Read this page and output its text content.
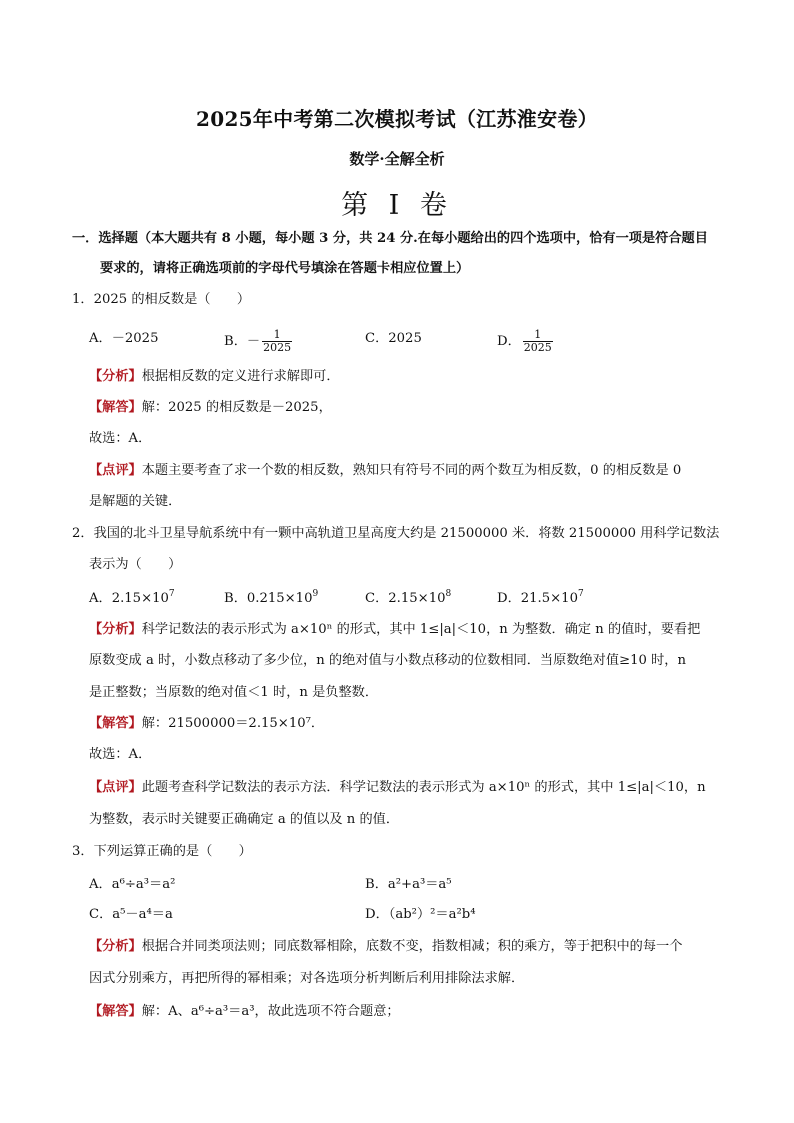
2025年中考第二次模拟考试（江苏淮安卷）
数学·全解全析
第 I 卷
一．选择题（本大题共有 8 小题，每小题 3 分，共 24 分.在每小题给出的四个选项中，恰有一项是符合题目
要求的，请将正确选项前的字母代号填涂在答题卡相应位置上）
1．2025 的相反数是（　　）
A．－2025	B．－ $\frac{1}{2025}$	C．2025	D． $\frac{1}{2025}$
【分析】根据相反数的定义进行求解即可．
【解答】解：2025 的相反数是－2025，
故选：A．
【点评】本题主要考查了求一个数的相反数，熟知只有符号不同的两个数互为相反数，0 的相反数是 0
是解题的关键．
2．我国的北斗卫星导航系统中有一颗中高轨道卫星高度大约是 21500000 米．将数 21500000 用科学记数法
表示为（　　）
A．$2.15\times 10^7$	B．$0.215\times 10^9$	C．$2.15\times 10^8$	D．$21.5\times 10^7$
【分析】科学记数法的表示形式为 a×10ⁿ 的形式，其中 1≤|a|＜10，n 为整数．确定 n 的值时，要看把
原数变成 a 时，小数点移动了多少位，n 的绝对值与小数点移动的位数相同．当原数绝对值≥10 时，n
是正整数；当原数的绝对值＜1 时，n 是负整数．
【解答】解：21500000＝2.15×10⁷．
故选：A．
【点评】此题考查科学记数法的表示方法．科学记数法的表示形式为 a×10ⁿ 的形式，其中 1≤|a|＜10，n
为整数，表示时关键要正确确定 a 的值以及 n 的值．
3．下列运算正确的是（　　）
A．a⁶÷a³＝a²	B．a²+a³＝a⁵
C．a⁵－a⁴＝a	D．（ab²）²＝a²b⁴
【分析】根据合并同类项法则；同底数幂相除，底数不变，指数相减；积的乘方，等于把积中的每一个
因式分别乘方，再把所得的幂相乘；对各选项分析判断后利用排除法求解．
【解答】解：A、a⁶÷a³＝a³，故此选项不符合题意；
